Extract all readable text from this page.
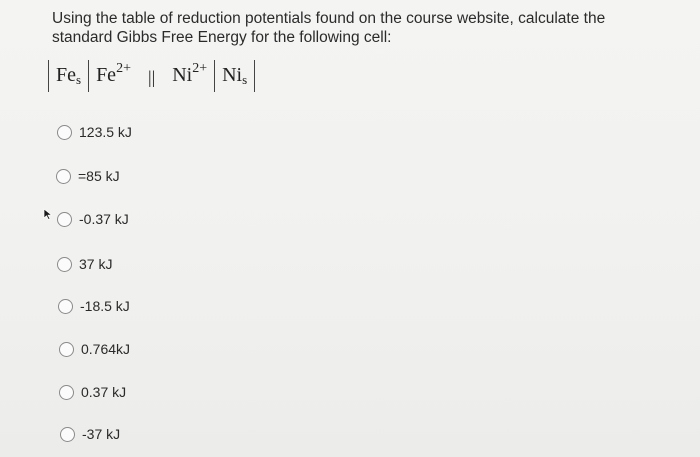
Using the table of reduction potentials found on the course website, calculate the
standard Gibbs Free Energy for the following cell:
$Fe_s$ $Fe^{2+}$ || $Ni^{2+}$ $Ni_s$
123.5 kJ
=85 kJ
-0.37 kJ
37 kJ
-18.5 kJ
0.764kJ
0.37 kJ
-37 kJ
